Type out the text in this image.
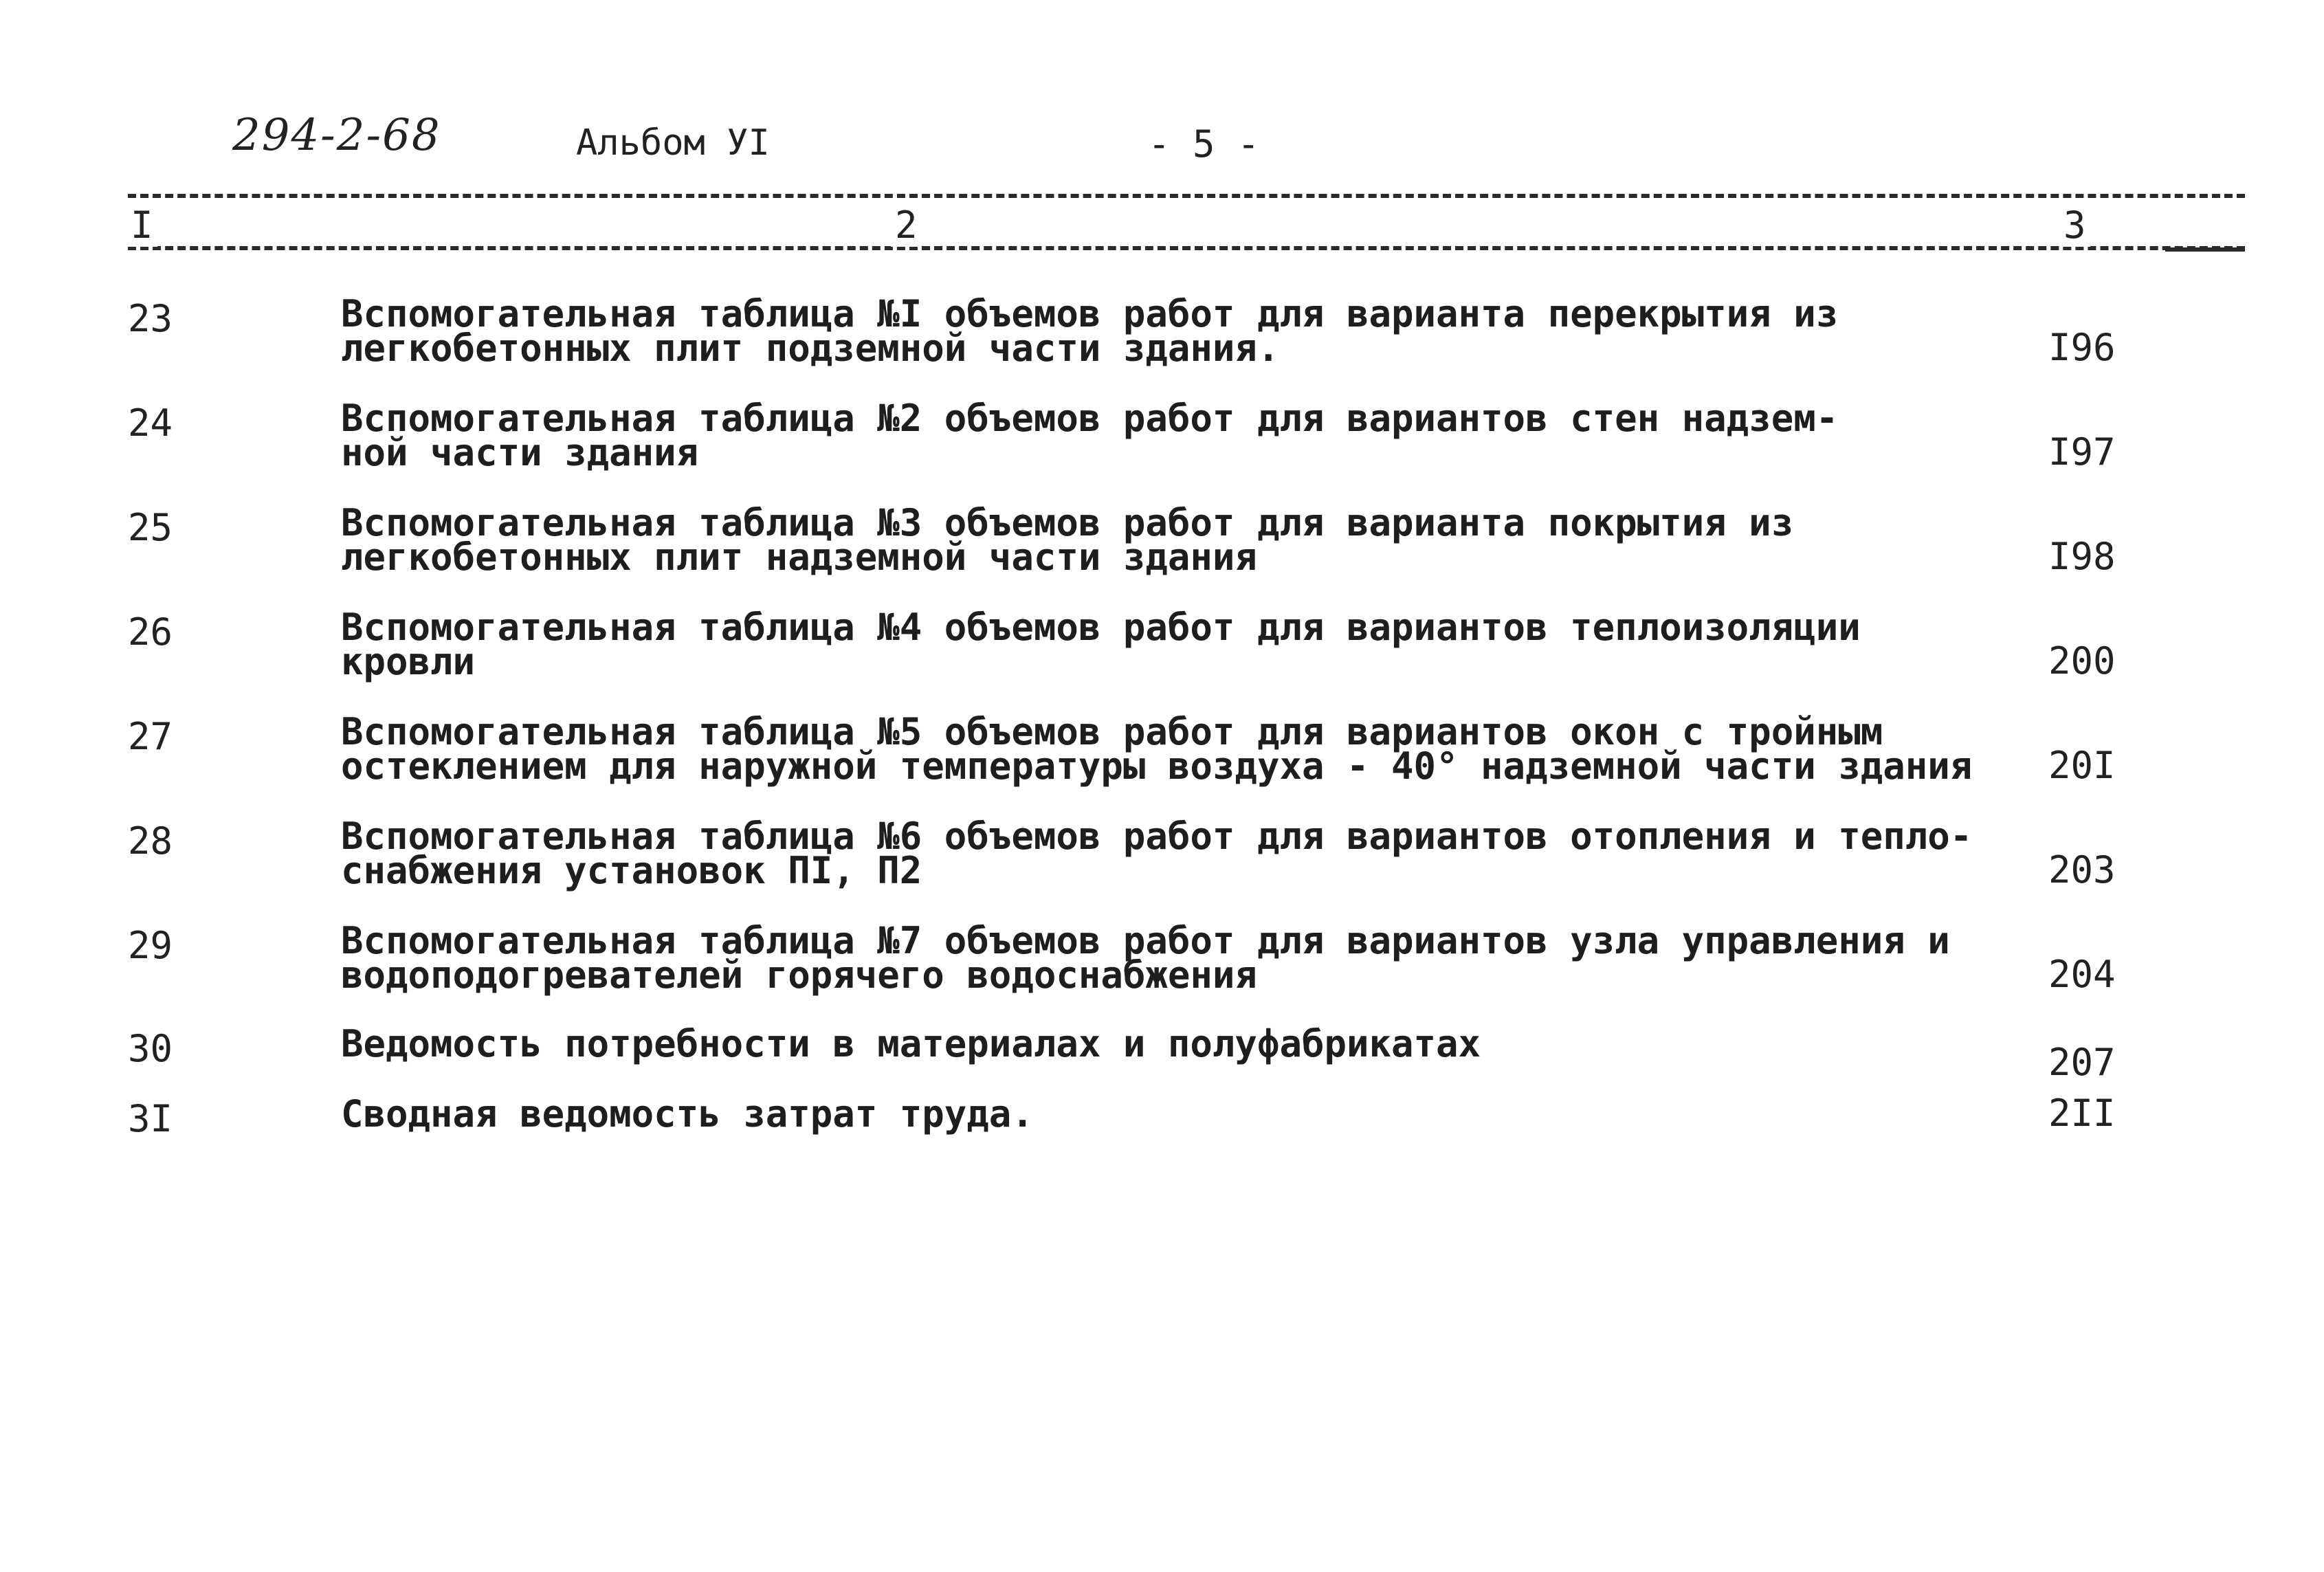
294-2-68	Альбом УI	- 5 -
I	2	3
23	Вспомогательная таблица №I объемов работ для варианта перекрытия из
легкобетонных плит подземной части здания.	I96
24	Вспомогательная таблица №2 объемов работ для вариантов стен надзем-
ной части здания	I97
25	Вспомогательная таблица №3 объемов работ для варианта покрытия из
легкобетонных плит надземной части здания	I98
26	Вспомогательная таблица №4 объемов работ для вариантов теплоизоляции
кровли	200
27	Вспомогательная таблица №5 объемов работ для вариантов окон с тройным
остеклением для наружной температуры воздуха - 40° надземной части здания 20I
28	Вспомогательная таблица №6 объемов работ для вариантов отопления и тепло-
снабжения установок ПI, П2	203
29	Вспомогательная таблица №7 объемов работ для вариантов узла управления и
водоподогревателей горячего водоснабжения	204
30	Ведомость потребности в материалах и полуфабрикатах	207
3I	Сводная ведомость затрат труда.	2II
